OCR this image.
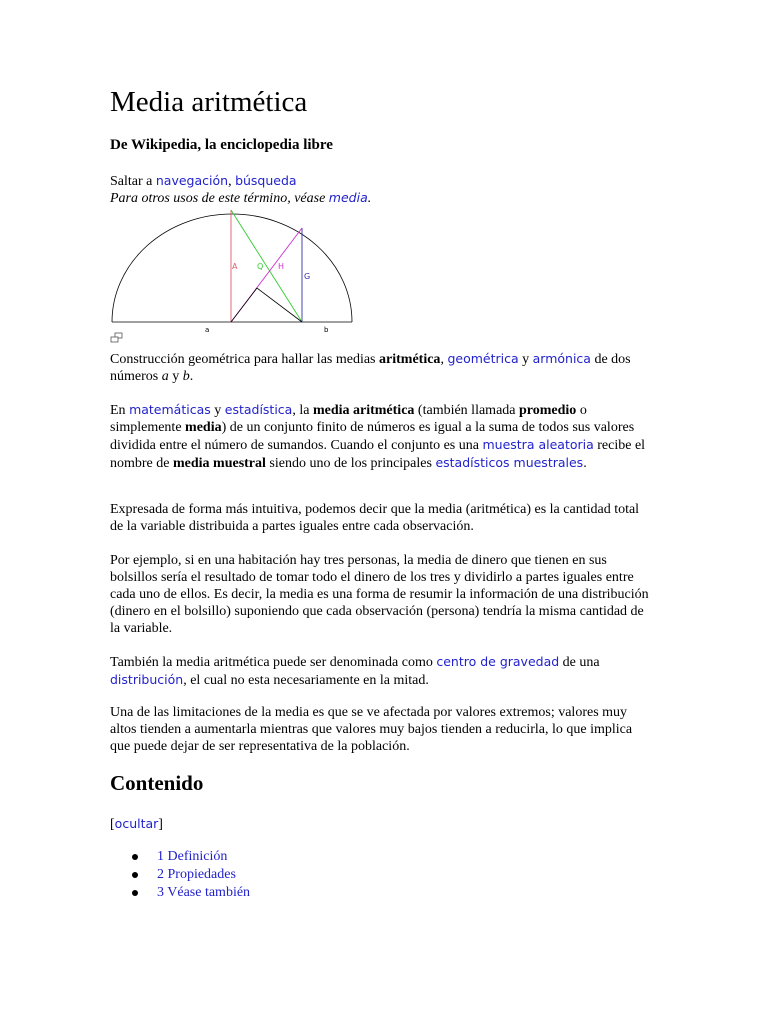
Media aritmética
De Wikipedia, la enciclopedia libre
Saltar a navegación, búsqueda
Para otros usos de este término, véase media.
A Q H
G
a	b
Construcción geométrica para hallar las medias aritmética, geométrica y armónica de dos números a y b.

En matemáticas y estadística, la media aritmética (también llamada promedio o simplemente media) de un conjunto finito de números es igual a la suma de todos sus valores dividida entre el número de sumandos. Cuando el conjunto es una muestra aleatoria recibe el nombre de media muestral siendo uno de los principales estadísticos muestrales.

Expresada de forma más intuitiva, podemos decir que la media (aritmética) es la cantidad total de la variable distribuida a partes iguales entre cada observación.

Por ejemplo, si en una habitación hay tres personas, la media de dinero que tienen en sus bolsillos sería el resultado de tomar todo el dinero de los tres y dividirlo a partes iguales entre cada uno de ellos. Es decir, la media es una forma de resumir la información de una distribución (dinero en el bolsillo) suponiendo que cada observación (persona) tendría la misma cantidad de la variable.

También la media aritmética puede ser denominada como centro de gravedad de una distribución, el cual no esta necesariamente en la mitad.

Una de las limitaciones de la media es que se ve afectada por valores extremos; valores muy altos tienden a aumentarla mientras que valores muy bajos tienden a reducirla, lo que implica que puede dejar de ser representativa de la población.

Contenido
[ocultar]
1 Definición
2 Propiedades
3 Véase también
